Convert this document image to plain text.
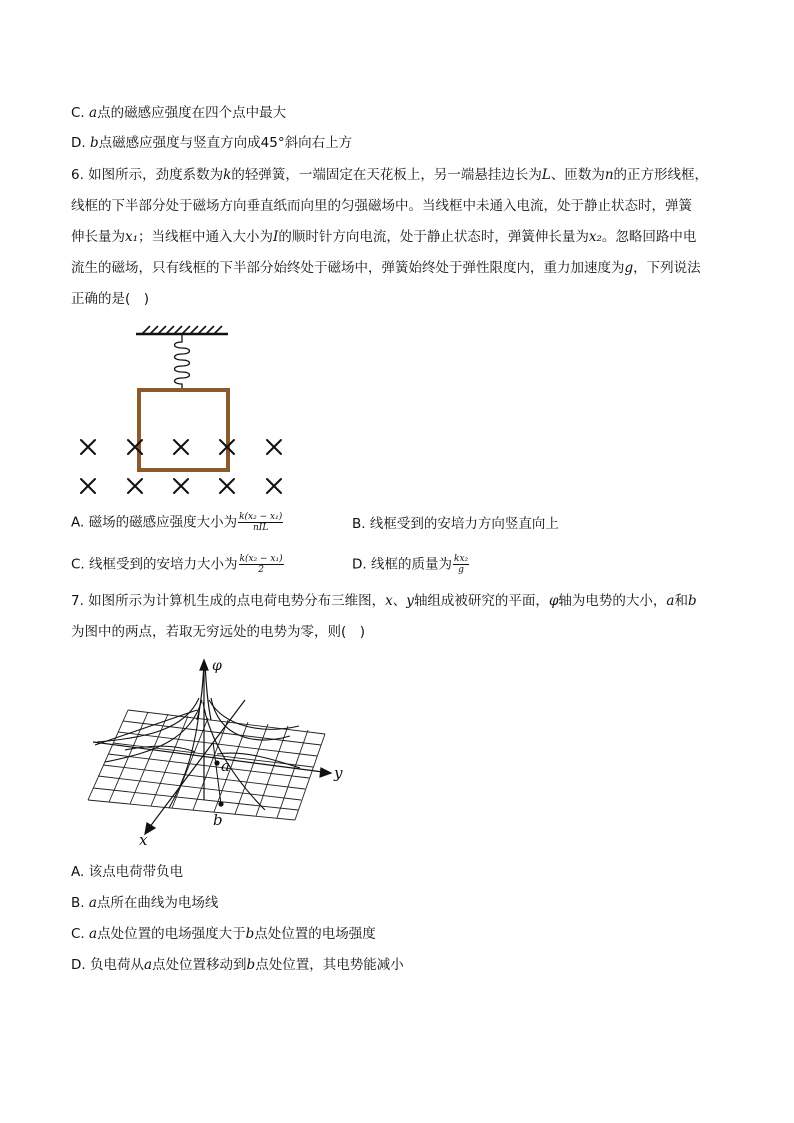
C. a点的磁感应强度在四个点中最大
D. b点磁感应强度与竖直方向成45°斜向右上方
6. 如图所示，劲度系数为k的轻弹簧，一端固定在天花板上，另一端悬挂边长为L、匝数为n的正方形线框，
线框的下半部分处于磁场方向垂直纸而向里的匀强磁场中。当线框中未通入电流，处于静止状态时，弹簧
伸长量为x₁；当线框中通入大小为I的顺时针方向电流，处于静止状态时，弹簧伸长量为x₂。忽略回路中电
流生的磁场，只有线框的下半部分始终处于磁场中，弹簧始终处于弹性限度内，重力加速度为g，下列说法
正确的是(　)
A. 磁场的磁感应强度大小为 $\frac{\text{k(x₂ − x₁)}}{\text{nIL}}$	B. 线框受到的安培力方向竖直向上
C. 线框受到的安培力大小为 $\frac{\text{k(x₂ − x₁)}}{2}$	D. 线框的质量为 $\frac{\text{kx₂}}{g}$
7. 如图所示为计算机生成的点电荷电势分布三维图，x、y轴组成被研究的平面，φ轴为电势的大小，a和b
为图中的两点，若取无穷远处的电势为零，则(　)
φ
y
x
a
b
A. 该点电荷带负电
B. a点所在曲线为电场线
C. a点处位置的电场强度大于b点处位置的电场强度
D. 负电荷从a点处位置移动到b点处位置，其电势能减小
